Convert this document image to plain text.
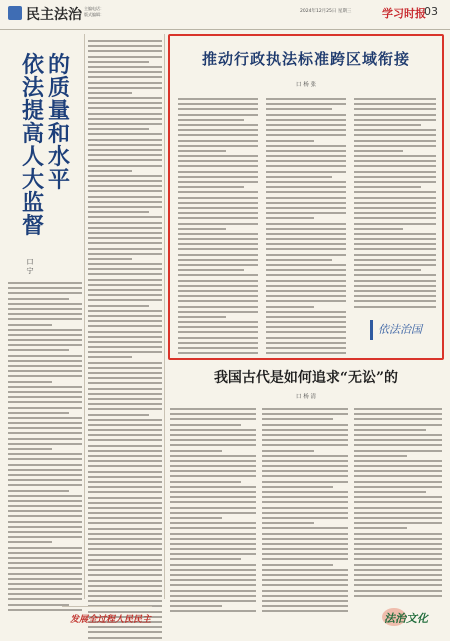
民主法治 主编电话：
版式编辑：
2024年12月25日 星期三	学习时报
03
依
法
提
高
人
大
监
督
的
质
量
和
水
平
口
宁
推动行政执法标准跨区域衔接
口 杨 张
依法治国
我国古代是如何追求“无讼”的
口 杨 清
发展全过程人民民主	法治文化
